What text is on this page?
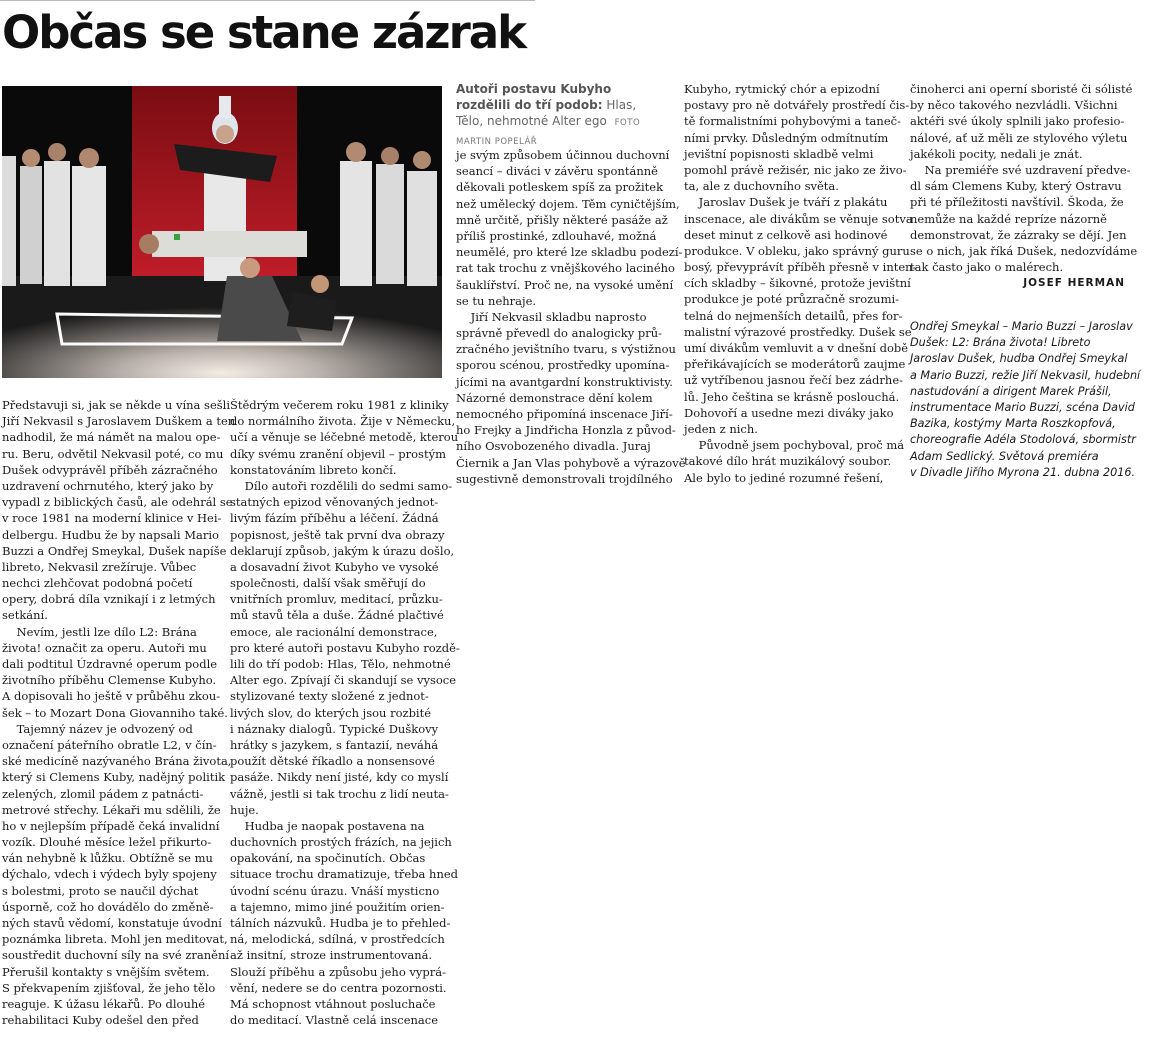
Občas se stane zázrak
Autoři postavu Kubyho rozdělili do tří podob: Hlas, Tělo, nehmotné Alter ego FOTO MARTIN POPELÁŘ
Představuji si, jak se někde u vína sešli
Jiří Nekvasil s Jaroslavem Duškem a ten
nadhodil, že má námět na malou ope-
ru. Beru, odvětil Nekvasil poté, co mu
Dušek odvyprávěl příběh zázračného
uzdravení ochrnutého, který jako by
vypadl z biblických časů, ale odehrál se
v roce 1981 na moderní klinice v Hei-
delbergu. Hudbu že by napsali Mario
Buzzi a Ondřej Smeykal, Dušek napíše
libreto, Nekvasil zrežíruje. Vůbec
nechci zlehčovat podobná početí
opery, dobrá díla vznikají i z letmých
setkání.
Nevím, jestli lze dílo L2: Brána
života! označit za operu. Autoři mu
dali podtitul Úzdravné operum podle
životního příběhu Clemense Kubyho.
A dopisovali ho ještě v průběhu zkou-
šek – to Mozart Dona Giovanniho také.
Tajemný název je odvozený od
označení páteřního obratle L2, v čín-
ské medicíně nazývaného Brána života,
který si Clemens Kuby, nadějný politik
zelených, zlomil pádem z patnácti-
metrové střechy. Lékaři mu sdělili, že
ho v nejlepším případě čeká invalidní
vozík. Dlouhé měsíce ležel přikurto-
ván nehybně k lůžku. Obtížně se mu
dýchalo, vdech i výdech byly spojeny
s bolestmi, proto se naučil dýchat
úsporně, což ho dovádělo do změně-
ných stavů vědomí, konstatuje úvodní
poznámka libreta. Mohl jen meditovat,
soustředit duchovní síly na své zranění
Přerušil kontakty s vnějším světem.
S překvapením zjišťoval, že jeho tělo
reaguje. K úžasu lékařů. Po dlouhé
rehabilitaci Kuby odešel den před
Štědrým večerem roku 1981 z kliniky
do normálního života. Žije v Německu,
učí a věnuje se léčebné metodě, kterou
díky svému zranění objevil – prostým
konstatováním libreto končí.
Dílo autoři rozdělili do sedmi samo-
statných epizod věnovaných jednot-
livým fázím příběhu a léčení. Žádná
popisnost, ještě tak první dva obrazy
deklarují způsob, jakým k úrazu došlo,
a dosavadní život Kubyho ve vysoké
společnosti, další však směřují do
vnitřních promluv, meditací, průzku-
mů stavů těla a duše. Žádné plačtivé
emoce, ale racionální demonstrace,
pro které autoři postavu Kubyho rozdě-
lili do tří podob: Hlas, Tělo, nehmotné
Alter ego. Zpívají či skandují se vysoce
stylizované texty složené z jednot-
livých slov, do kterých jsou rozbité
i náznaky dialogů. Typické Duškovy
hrátky s jazykem, s fantazií, neváhá
použít dětské říkadlo a nonsensové
pasáže. Nikdy není jisté, kdy co myslí
vážně, jestli si tak trochu z lidí neuta-
huje.
Hudba je naopak postavena na
duchovních prostých frázích, na jejich
opakování, na spočinutích. Občas
situace trochu dramatizuje, třeba hned
úvodní scénu úrazu. Vnáší mysticno
a tajemno, mimo jiné použitím orien-
tálních názvuků. Hudba je to přehled-
ná, melodická, sdílná, v prostředcích
až insitní, stroze instrumentovaná.
Slouží příběhu a způsobu jeho vyprá-
vění, nedere se do centra pozornosti.
Má schopnost vtáhnout posluchače
do meditací. Vlastně celá inscenace
je svým způsobem účinnou duchovní
seancí – diváci v závěru spontánně
děkovali potleskem spíš za prožitek
než umělecký dojem. Těm cyničtějším,
mně určitě, přišly některé pasáže až
příliš prostinké, zdlouhavé, možná
neumělé, pro které lze skladbu podezí-
rat tak trochu z vnějškového laciného
šauklířství. Proč ne, na vysoké umění
se tu nehraje.
Jiří Nekvasil skladbu naprosto
správně převedl do analogicky prů-
zračného jevištního tvaru, s výstižnou
sporou scénou, prostředky upomína-
jícími na avantgardní konstruktivisty.
Názorné demonstrace dění kolem
nemocného připomíná inscenace Jiří-
ho Frejky a Jindřicha Honzla z původ-
ního Osvobozeného divadla. Juraj
Čiernik a Jan Vlas pohybově a výrazově
sugestivně demonstrovali trojdílného
Kubyho, rytmický chór a epizodní
postavy pro ně dotvářely prostředí čis-
tě formalistními pohybovými a taneč-
ními prvky. Důsledným odmítnutím
jevištní popisnosti skladbě velmi
pomohl právě režisér, nic jako ze živo-
ta, ale z duchovního světa.
Jaroslav Dušek je tváří z plakátu
inscenace, ale divákům se věnuje sotva
deset minut z celkově asi hodinové
produkce. V obleku, jako správný guru
bosý, převyprávít příběh přesně v inten-
cích skladby – šikovné, protože jevištní
produkce je poté průzračně srozumi-
telná do nejmenších detailů, přes for-
malistní výrazové prostředky. Dušek se
umí divákům vemluvit a v dnešní době
přeřikávajících se moderátorů zaujme
už vytříbenou jasnou řečí bez zádrhe-
lů. Jeho čeština se krásně poslouchá.
Dohovoří a usedne mezi diváky jako
jeden z nich.
Původně jsem pochyboval, proč má
takové dílo hrát muzikálový soubor.
Ale bylo to jediné rozumné řešení,
činoherci ani operní sboristé či sólisté
by něco takového nezvládli. Všichni
aktéři své úkoly splnili jako profesio-
nálové, ať už měli ze stylového výletu
jakékoli pocity, nedali je znát.
Na premiéře své uzdravení předve-
dl sám Clemens Kuby, který Ostravu
při té příležitosti navštívil. Škoda, že
nemůže na každé repríze názorně
demonstrovat, že zázraky se dějí. Jen
se o nich, jak říká Dušek, nedozvídáme
tak často jako o malérech.
JOSEF HERMAN
Ondřej Smeykal – Mario Buzzi – Jaroslav
Dušek: L2: Brána života! Libreto
Jaroslav Dušek, hudba Ondřej Smeykal
a Mario Buzzi, režie Jiří Nekvasil, hudební
nastudování a dirigent Marek Prášil,
instrumentace Mario Buzzi, scéna David
Bazika, kostýmy Marta Roszkopfová,
choreografie Adéla Stodolová, sbormistr
Adam Sedlický. Světová premiéra
v Divadle Jiřího Myrona 21. dubna 2016.
